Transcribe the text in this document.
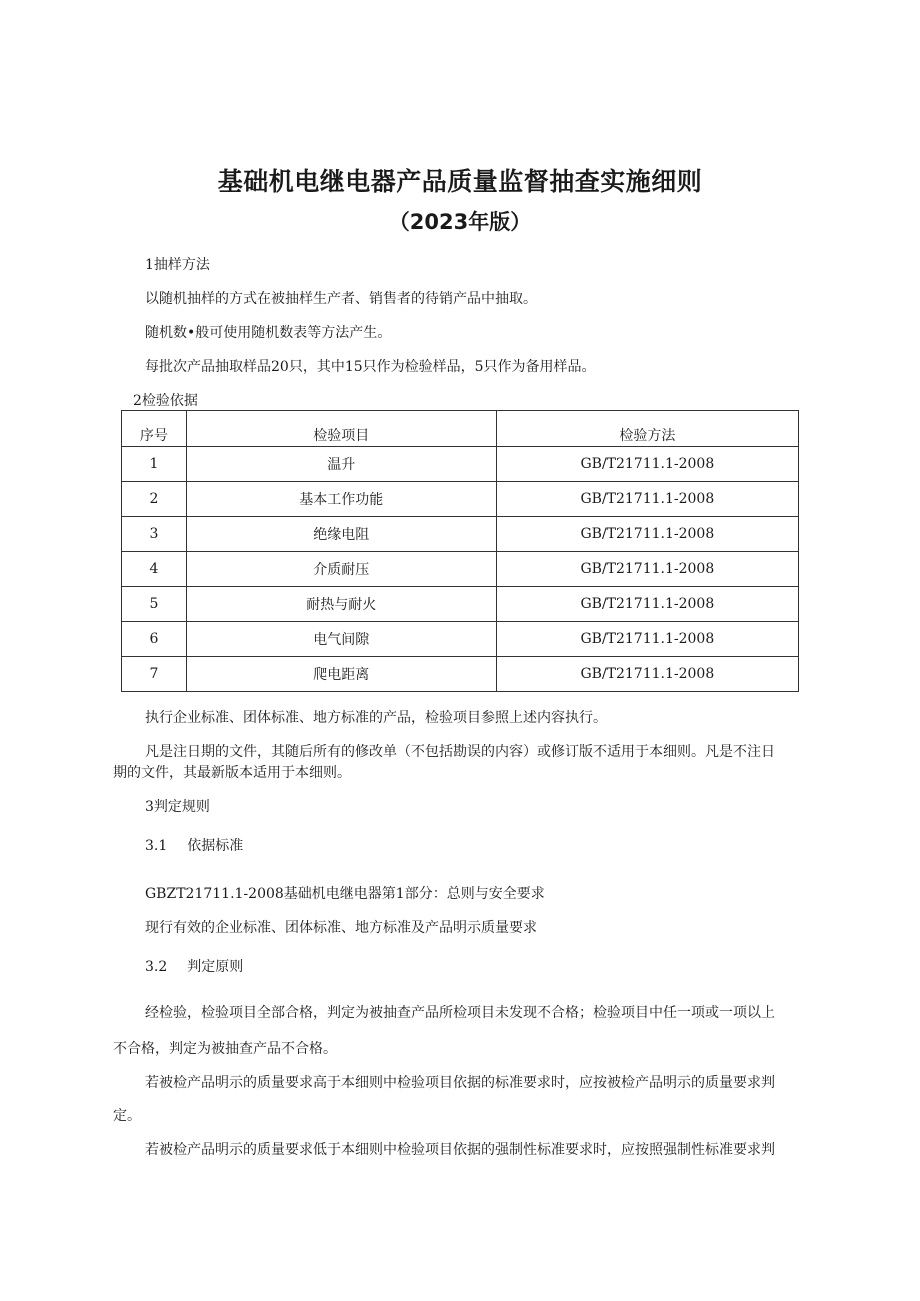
基础机电继电器产品质量监督抽查实施细则
（2023年版）
1抽样方法
以随机抽样的方式在被抽样生产者、销售者的待销产品中抽取。
随机数•般可使用随机数表等方法产生。
每批次产品抽取样品20只，其中15只作为检验样品，5只作为备用样品。
2检验依据
序号	检验项目	检验方法
1	温升	GB/T21711.1-2008
2	基本工作功能	GB/T21711.1-2008
3	绝缘电阻	GB/T21711.1-2008
4	介质耐压	GB/T21711.1-2008
5	耐热与耐火	GB/T21711.1-2008
6	电气间隙	GB/T21711.1-2008
7	爬电距离	GB/T21711.1-2008
执行企业标准、团体标准、地方标准的产品，检验项目参照上述内容执行。
凡是注日期的文件，其随后所有的修改单（不包括勘误的内容）或修订版不适用于本细则。凡是不注日
期的文件，其最新版本适用于本细则。
3判定规则
3.1 依据标准
GBZT21711.1-2008基础机电继电器第1部分：总则与安全要求
现行有效的企业标准、团体标准、地方标准及产品明示质量要求
3.2 判定原则
经检验，检验项目全部合格，判定为被抽查产品所检项目未发现不合格；检验项目中任一项或一项以上
不合格，判定为被抽查产品不合格。
若被检产品明示的质量要求高于本细则中检验项目依据的标准要求时，应按被检产品明示的质量要求判
定。
若被检产品明示的质量要求低于本细则中检验项目依据的强制性标准要求时，应按照强制性标准要求判
